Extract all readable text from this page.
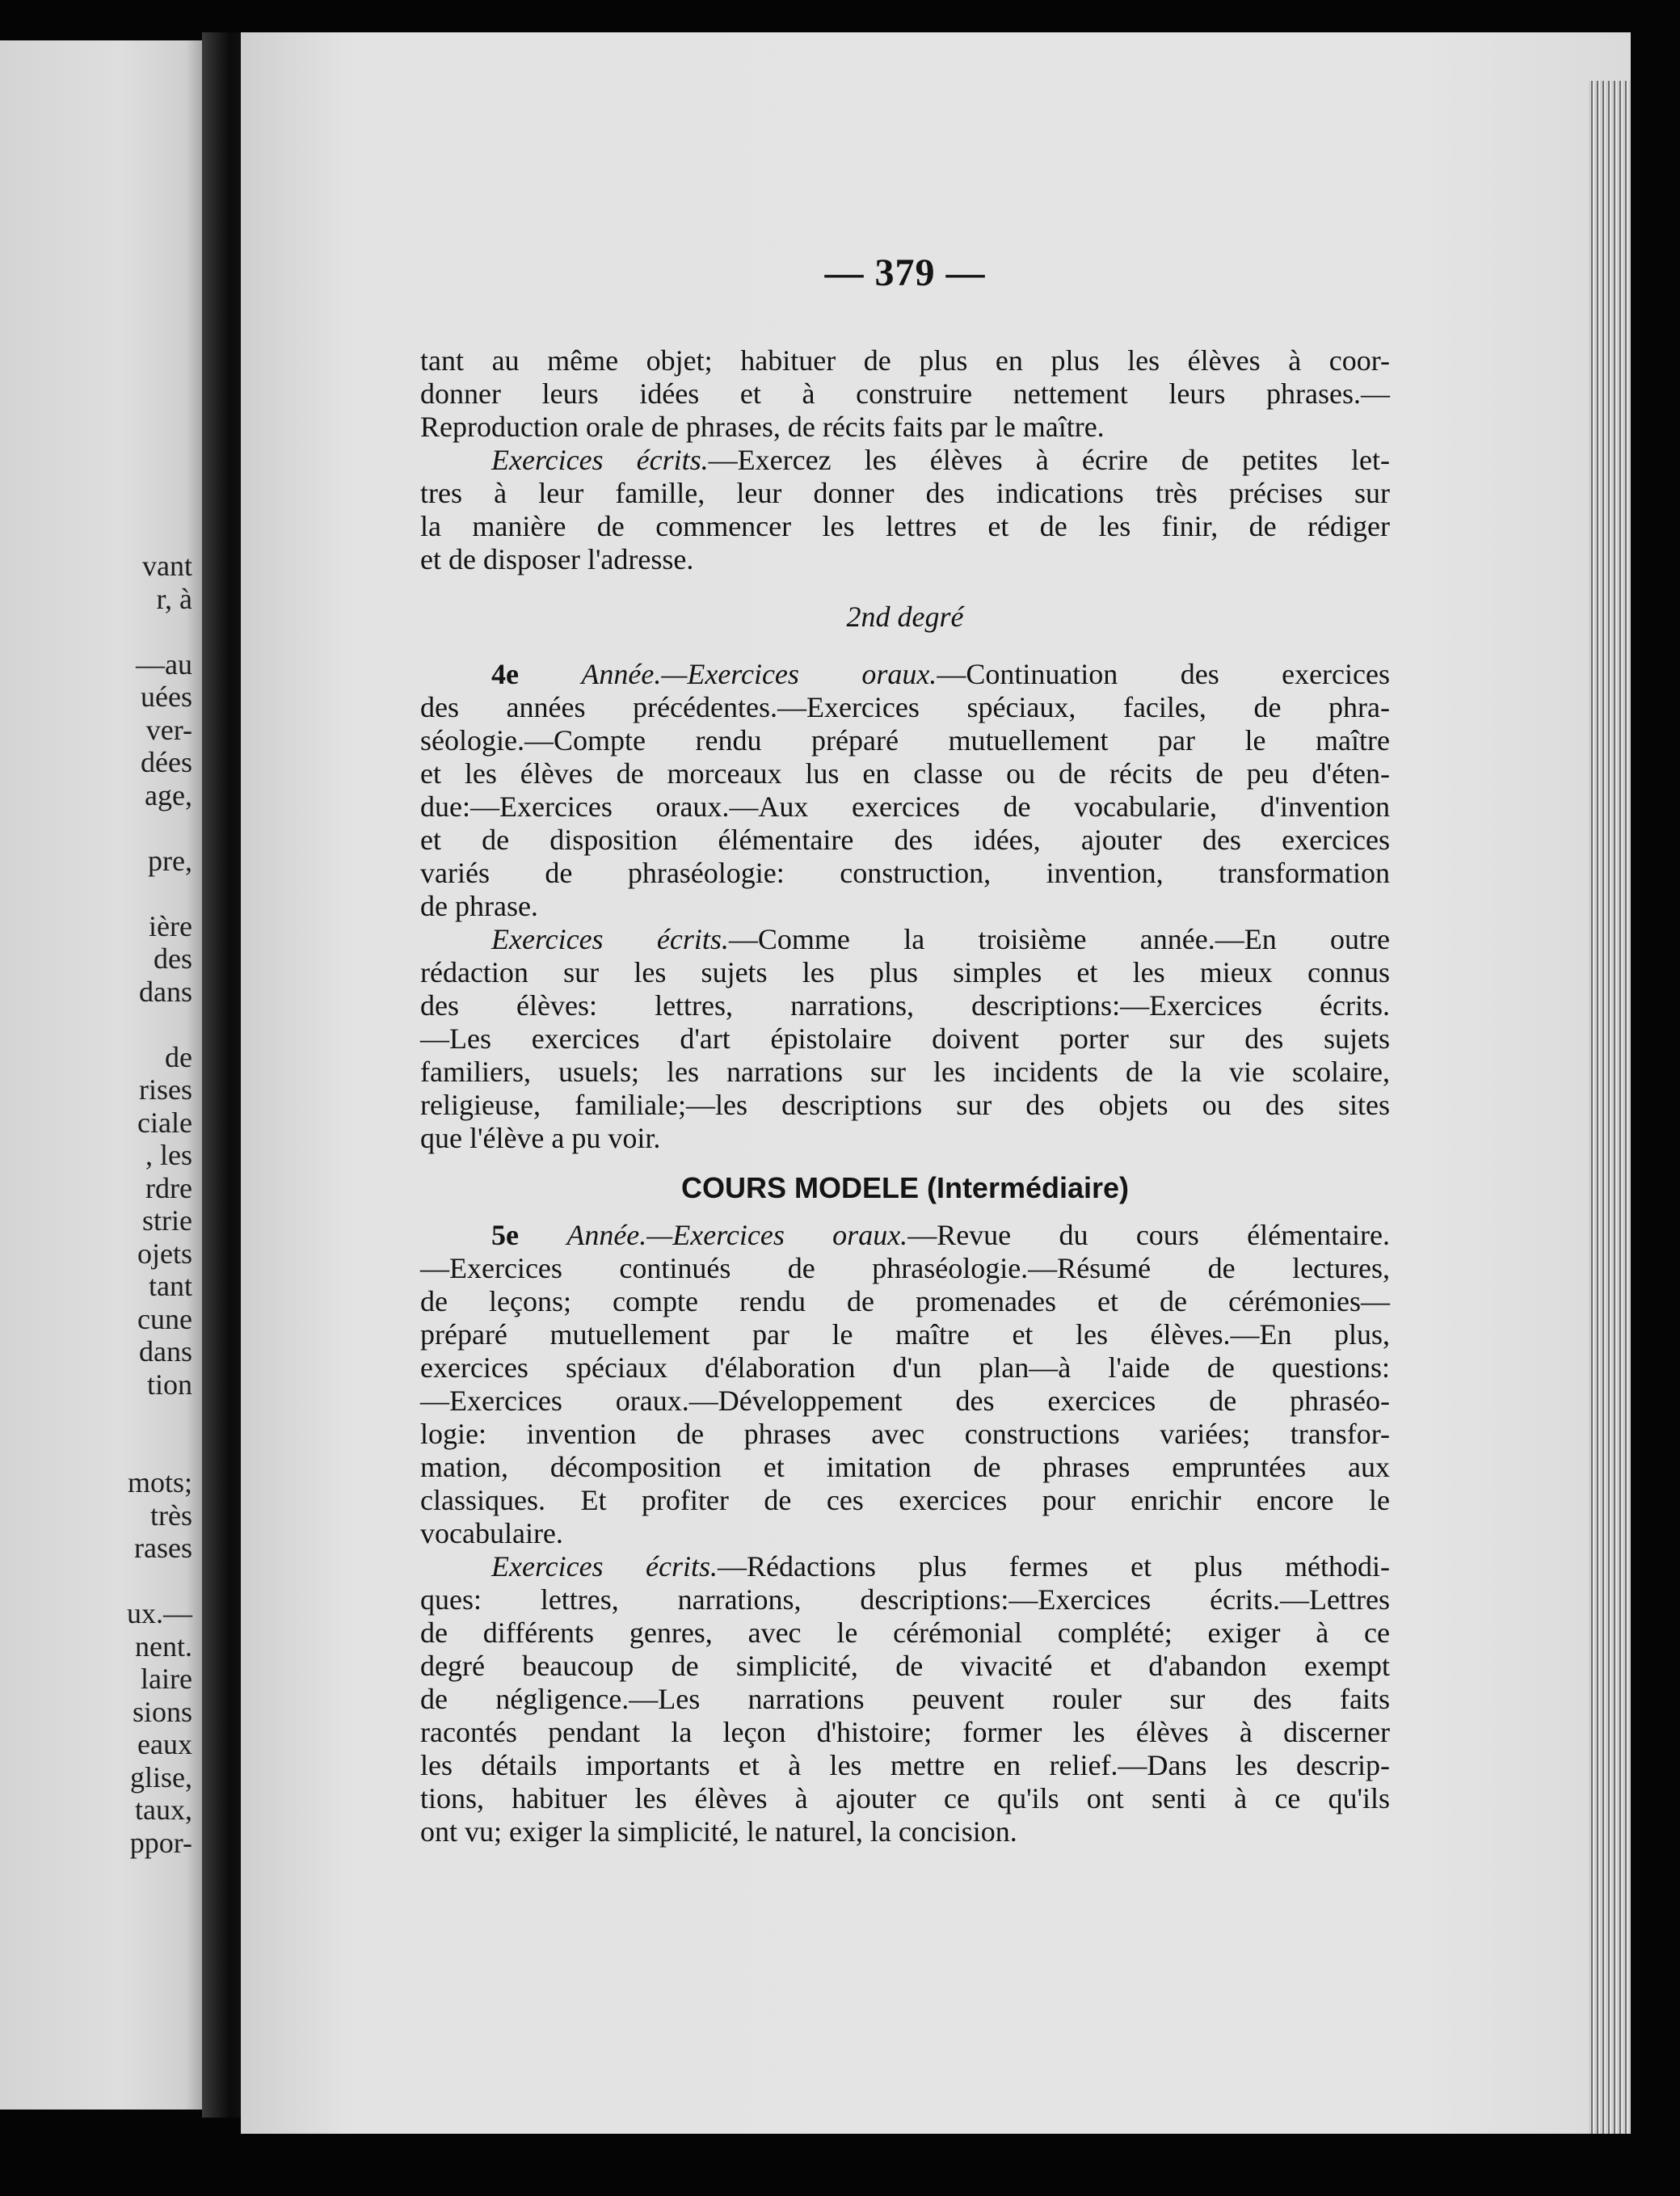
vant
r, à
—au
uées
ver-
dées
age,
pre,
ière
des
dans
de
rises
ciale
, les
rdre
strie
ojets
tant
cune
dans
tion
mots;
très
rases
ux.—
nent.
laire
sions
eaux
glise,
taux,
ppor-
— 379 —
tant au même objet; habituer de plus en plus les élèves à coor-
donner leurs idées et à construire nettement leurs phrases.—
Reproduction orale de phrases, de récits faits par le maître.
Exercices écrits.—Exercez les élèves à écrire de petites let-
tres à leur famille, leur donner des indications très précises sur
la manière de commencer les lettres et de les finir, de rédiger
et de disposer l'adresse.
2nd degré
4e Année.—Exercices oraux.—Continuation des exercices
des années précédentes.—Exercices spéciaux, faciles, de phra-
séologie.—Compte rendu préparé mutuellement par le maître
et les élèves de morceaux lus en classe ou de récits de peu d'éten-
due:—Exercices oraux.—Aux exercices de vocabularie, d'invention
et de disposition élémentaire des idées, ajouter des exercices
variés de phraséologie: construction, invention, transformation
de phrase.
Exercices écrits.—Comme la troisième année.—En outre
rédaction sur les sujets les plus simples et les mieux connus
des élèves: lettres, narrations, descriptions:—Exercices écrits.
—Les exercices d'art épistolaire doivent porter sur des sujets
familiers, usuels; les narrations sur les incidents de la vie scolaire,
religieuse, familiale;—les descriptions sur des objets ou des sites
que l'élève a pu voir.
COURS MODELE (Intermédiaire)
5e Année.—Exercices oraux.—Revue du cours élémentaire.
—Exercices continués de phraséologie.—Résumé de lectures,
de leçons; compte rendu de promenades et de cérémonies—
préparé mutuellement par le maître et les élèves.—En plus,
exercices spéciaux d'élaboration d'un plan—à l'aide de questions:
—Exercices oraux.—Développement des exercices de phraséo-
logie: invention de phrases avec constructions variées; transfor-
mation, décomposition et imitation de phrases empruntées aux
classiques. Et profiter de ces exercices pour enrichir encore le
vocabulaire.
Exercices écrits.—Rédactions plus fermes et plus méthodi-
ques: lettres, narrations, descriptions:—Exercices écrits.—Lettres
de différents genres, avec le cérémonial complété; exiger à ce
degré beaucoup de simplicité, de vivacité et d'abandon exempt
de négligence.—Les narrations peuvent rouler sur des faits
racontés pendant la leçon d'histoire; former les élèves à discerner
les détails importants et à les mettre en relief.—Dans les descrip-
tions, habituer les élèves à ajouter ce qu'ils ont senti à ce qu'ils
ont vu; exiger la simplicité, le naturel, la concision.
